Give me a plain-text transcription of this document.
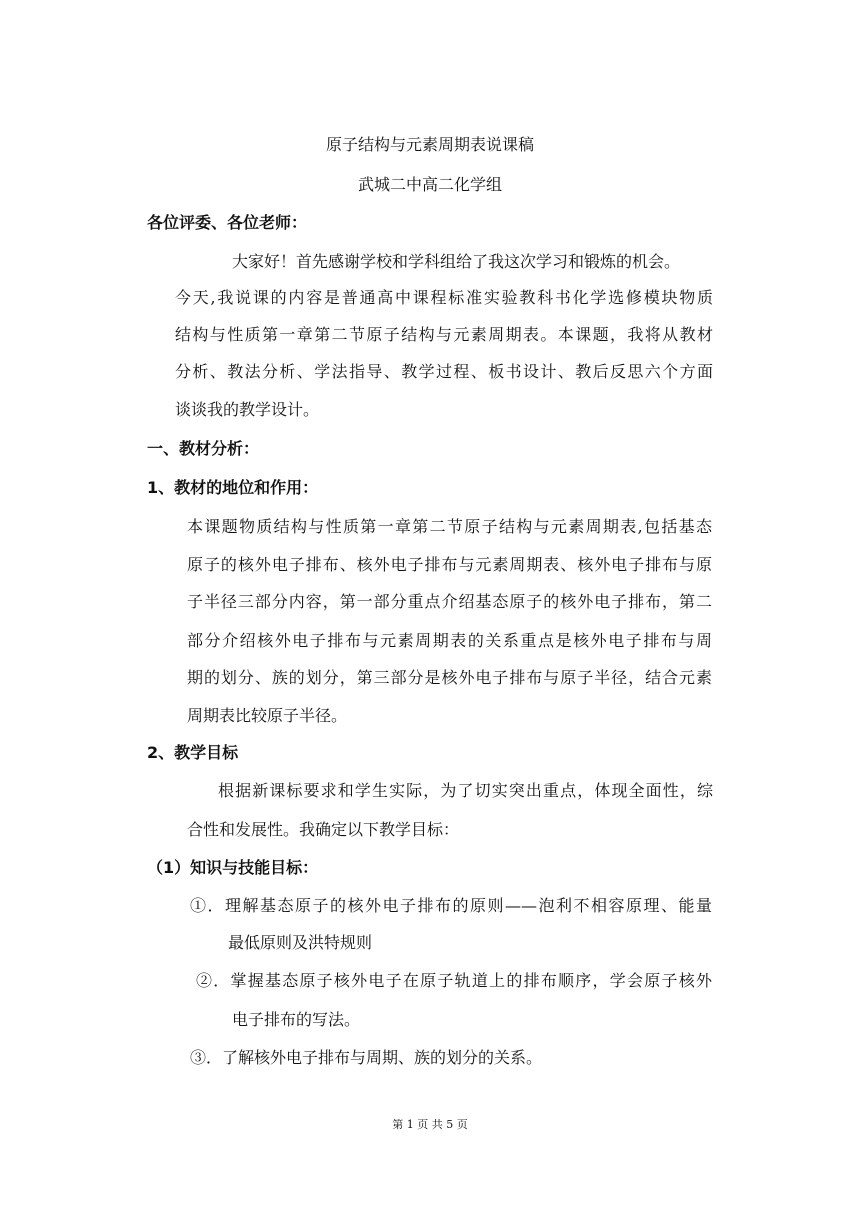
原子结构与元素周期表说课稿
武城二中高二化学组
各位评委、各位老师：
大家好！首先感谢学校和学科组给了我这次学习和锻炼的机会。
今天,我说课的内容是普通高中课程标准实验教科书化学选修模块物质
结构与性质第一章第二节原子结构与元素周期表。本课题，我将从教材
分析、教法分析、学法指导、教学过程、板书设计、教后反思六个方面
谈谈我的教学设计。
一、教材分析：
1、教材的地位和作用：
本课题物质结构与性质第一章第二节原子结构与元素周期表,包括基态
原子的核外电子排布、核外电子排布与元素周期表、核外电子排布与原
子半径三部分内容，第一部分重点介绍基态原子的核外电子排布，第二
部分介绍核外电子排布与元素周期表的关系重点是核外电子排布与周
期的划分、族的划分，第三部分是核外电子排布与原子半径，结合元素
周期表比较原子半径。
2、教学目标
根据新课标要求和学生实际，为了切实突出重点，体现全面性，综
合性和发展性。我确定以下教学目标：
（1）知识与技能目标：
①．理解基态原子的核外电子排布的原则——泡利不相容原理、能量
最低原则及洪特规则
②．掌握基态原子核外电子在原子轨道上的排布顺序，学会原子核外
电子排布的写法。
③．了解核外电子排布与周期、族的划分的关系。
第 1 页 共 5 页
